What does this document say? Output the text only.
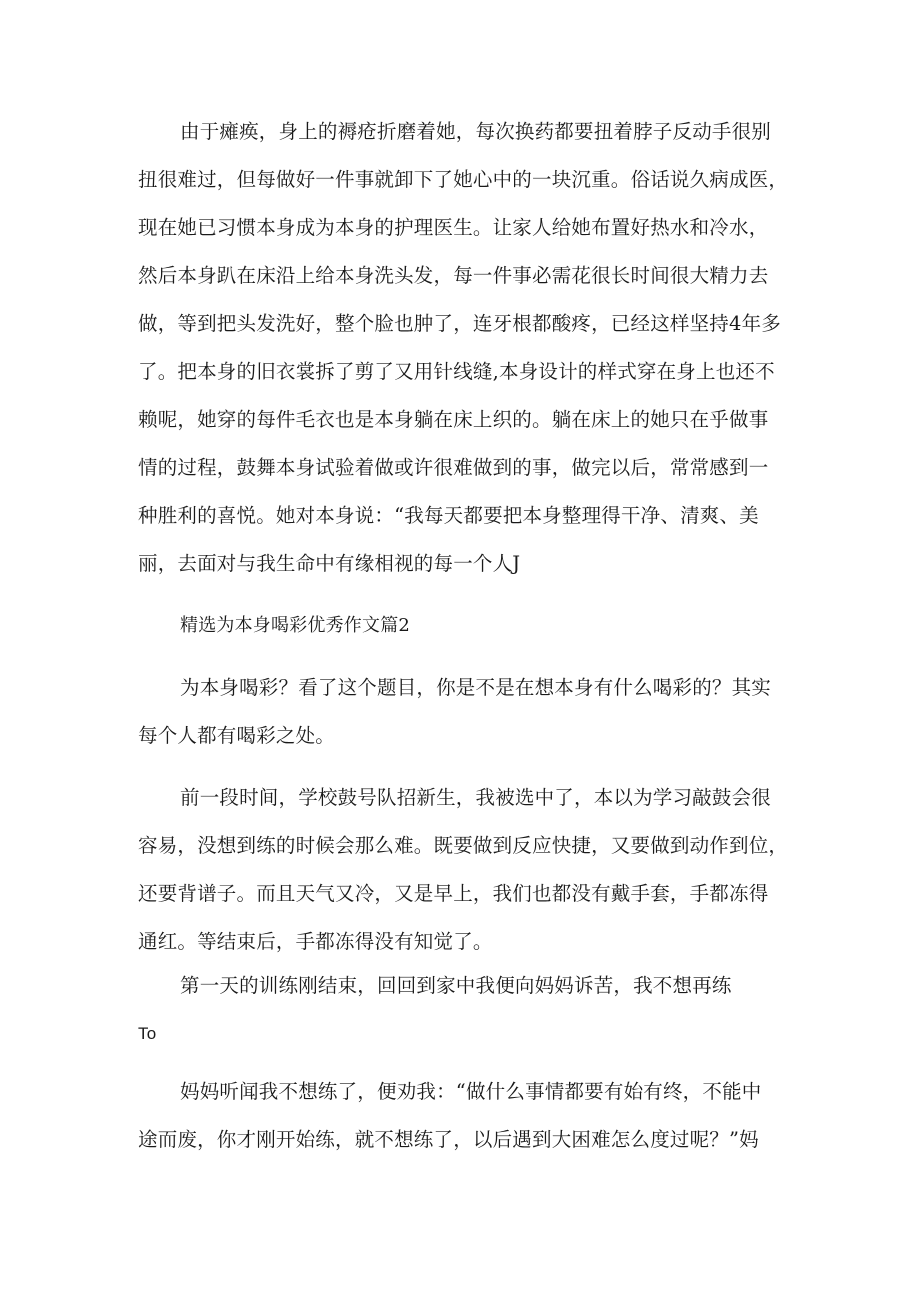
由于瘫痪，身上的褥疮折磨着她，每次换药都要扭着脖子反动手很别
扭很难过，但每做好一件事就卸下了她心中的一块沉重。俗话说久病成医，
现在她已习惯本身成为本身的护理医生。让家人给她布置好热水和冷水，
然后本身趴在床沿上给本身洗头发，每一件事必需花很长时间很大精力去
做，等到把头发洗好，整个脸也肿了，连牙根都酸疼，已经这样坚持4年多
了。把本身的旧衣裳拆了剪了又用针线缝,本身设计的样式穿在身上也还不
赖呢，她穿的每件毛衣也是本身躺在床上织的。躺在床上的她只在乎做事
情的过程，鼓舞本身试验着做或许很难做到的事，做完以后，常常感到一
种胜利的喜悦。她对本身说：“我每天都要把本身整理得干净、清爽、美
丽，去面对与我生命中有缘相视的每一个人J
精选为本身喝彩优秀作文篇2
为本身喝彩？看了这个题目，你是不是在想本身有什么喝彩的？其实
每个人都有喝彩之处。
前一段时间，学校鼓号队招新生，我被选中了，本以为学习敲鼓会很
容易，没想到练的时候会那么难。既要做到反应快捷，又要做到动作到位，
还要背谱子。而且天气又冷，又是早上，我们也都没有戴手套，手都冻得
通红。等结束后，手都冻得没有知觉了。
第一天的训练刚结束，回回到家中我便向妈妈诉苦，我不想再练
To
妈妈听闻我不想练了，便劝我：“做什么事情都要有始有终，不能中
途而废，你才刚开始练，就不想练了，以后遇到大困难怎么度过呢？”妈
